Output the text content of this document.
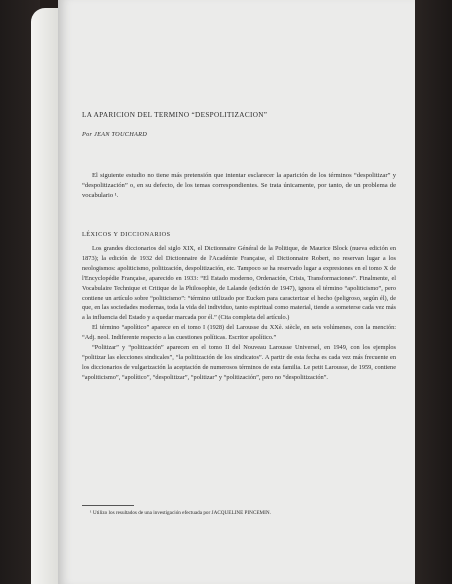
LA APARICION DEL TERMINO “DESPOLITIZACION”
Por JEAN TOUCHARD

El siguiente estudio no tiene más pretensión que intentar esclarecer la aparición de los términos “despolitizar” y “despolitización” o, en su defecto, de los temas correspondientes. Se trata únicamente, por tanto, de un problema de vocabulario ¹.

LÉXICOS Y DICCIONARIOS

Los grandes diccionarios del siglo XIX, el Dictionnaire Général de la Politique, de Maurice Block (nueva edición en 1873); la edición de 1932 del Dictionnaire de l'Académie Française, el Dictionnaire Robert, no reservan lugar a los neologismos: apoliticismo, politización, despolitización, etc. Tampoco se ha reservado lugar a expresiones en el tomo X de l'Encyclopédie Française, aparecido en 1933: “El Estado moderno, Ordenación, Crisis, Transformaciones”. Finalmente, el Vocabulaire Technique et Critique de la Philosophie, de Lalande (edición de 1947), ignora el término “apoliticismo”, pero contiene un artículo sobre “politicismo”: “término utilizado por Eucken para caracterizar el hecho (peligroso, según él), de que, en las sociedades modernas, toda la vida del individuo, tanto espiritual como material, tiende a someterse cada vez más a la influencia del Estado y a quedar marcada por él.” (Cita completa del artículo.)

El término “apolítico” aparece en el tomo I (1928) del Larousse du XXè. siècle, en seis volúmenes, con la mención: “Adj. neol. Indiferente respecto a las cuestiones políticas. Escritor apolítico.”

“Politizar” y “politización” aparecen en el tomo II del Nouveau Larousse Universel, en 1949, con los ejemplos “politizar las elecciones sindicales”, “la politización de los sindicatos”. A partir de esta fecha es cada vez más frecuente en los diccionarios de vulgarización la aceptación de numerosos términos de esta familia. Le petit Larousse, de 1959, contiene “apoliticismo”, “apolítico”, “despolitizar”, “politizar” y “politización”, pero no “despolitización”.

¹ Utilizo los resultados de una investigación efectuada por JACQUELINE PINCEMIN.
